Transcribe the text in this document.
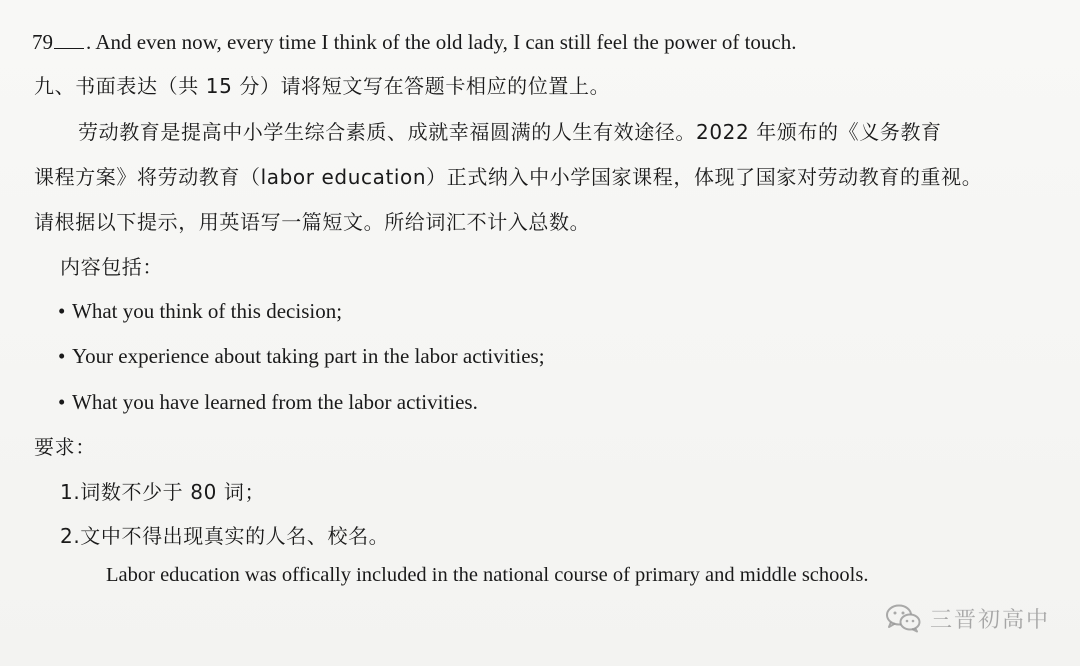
79 . And even now, every time I think of the old lady, I can still feel the power of touch.
九、书面表达（共 15 分）请将短文写在答题卡相应的位置上。
劳动教育是提高中小学生综合素质、成就幸福圆满的人生有效途径。2022 年颁布的《义务教育
课程方案》将劳动教育（labor education）正式纳入中小学国家课程，体现了国家对劳动教育的重视。
请根据以下提示，用英语写一篇短文。所给词汇不计入总数。
内容包括：
• What you think of this decision;
• Your experience about taking part in the labor activities;
• What you have learned from the labor activities.
要求：
1.词数不少于 80 词；
2.文中不得出现真实的人名、校名。
Labor education was offically included in the national course of primary and middle schools.
三晋初高中
